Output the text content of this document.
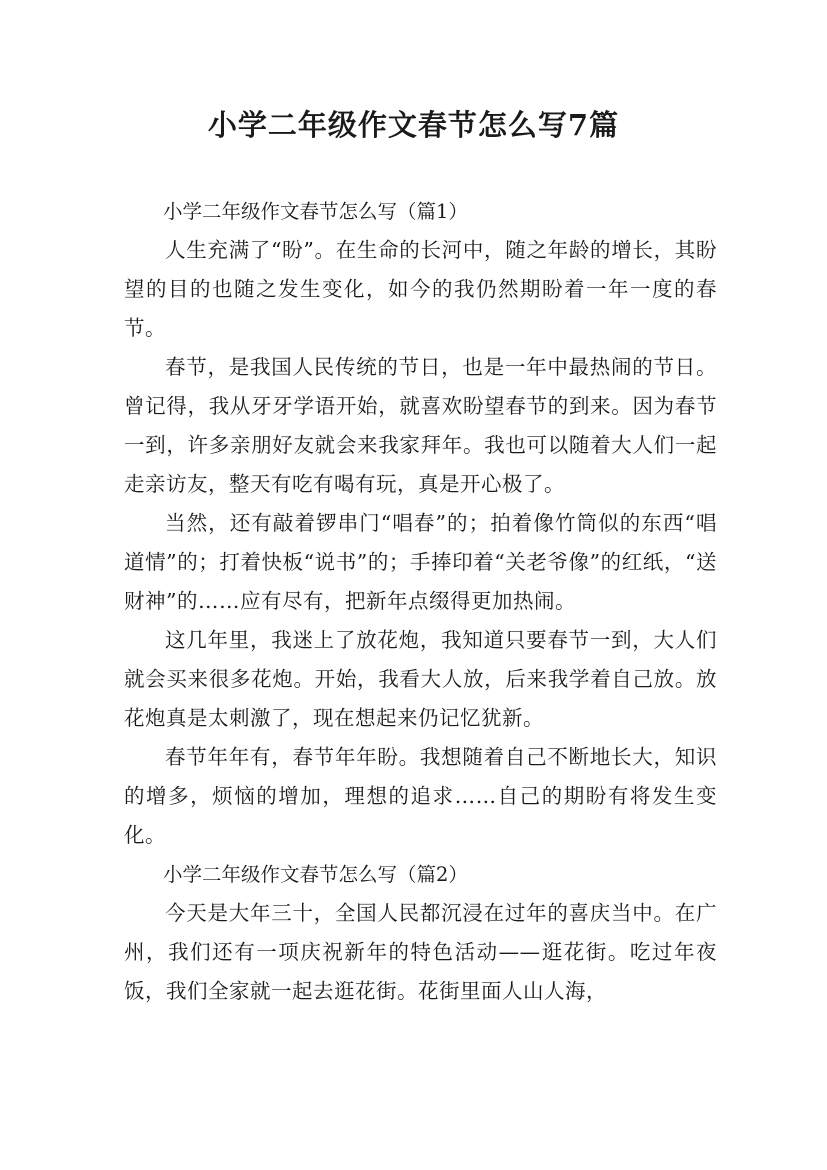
小学二年级作文春节怎么写7篇

小学二年级作文春节怎么写（篇1）

人生充满了“盼”。在生命的长河中，随之年龄的增长，其盼望的目的也随之发生变化，如今的我仍然期盼着一年一度的春节。

春节，是我国人民传统的节日，也是一年中最热闹的节日。曾记得，我从牙牙学语开始，就喜欢盼望春节的到来。因为春节一到，许多亲朋好友就会来我家拜年。我也可以随着大人们一起走亲访友，整天有吃有喝有玩，真是开心极了。

当然，还有敲着锣串门“唱春”的；拍着像竹筒似的东西“唱道情”的；打着快板“说书”的；手捧印着“关老爷像”的红纸，“送财神”的……应有尽有，把新年点缀得更加热闹。

这几年里，我迷上了放花炮，我知道只要春节一到，大人们就会买来很多花炮。开始，我看大人放，后来我学着自己放。放花炮真是太刺激了，现在想起来仍记忆犹新。

春节年年有，春节年年盼。我想随着自己不断地长大，知识的增多，烦恼的增加，理想的追求……自己的期盼有将发生变化。

小学二年级作文春节怎么写（篇2）

今天是大年三十，全国人民都沉浸在过年的喜庆当中。在广州，我们还有一项庆祝新年的特色活动——逛花街。吃过年夜饭，我们全家就一起去逛花街。花街里面人山人海，
